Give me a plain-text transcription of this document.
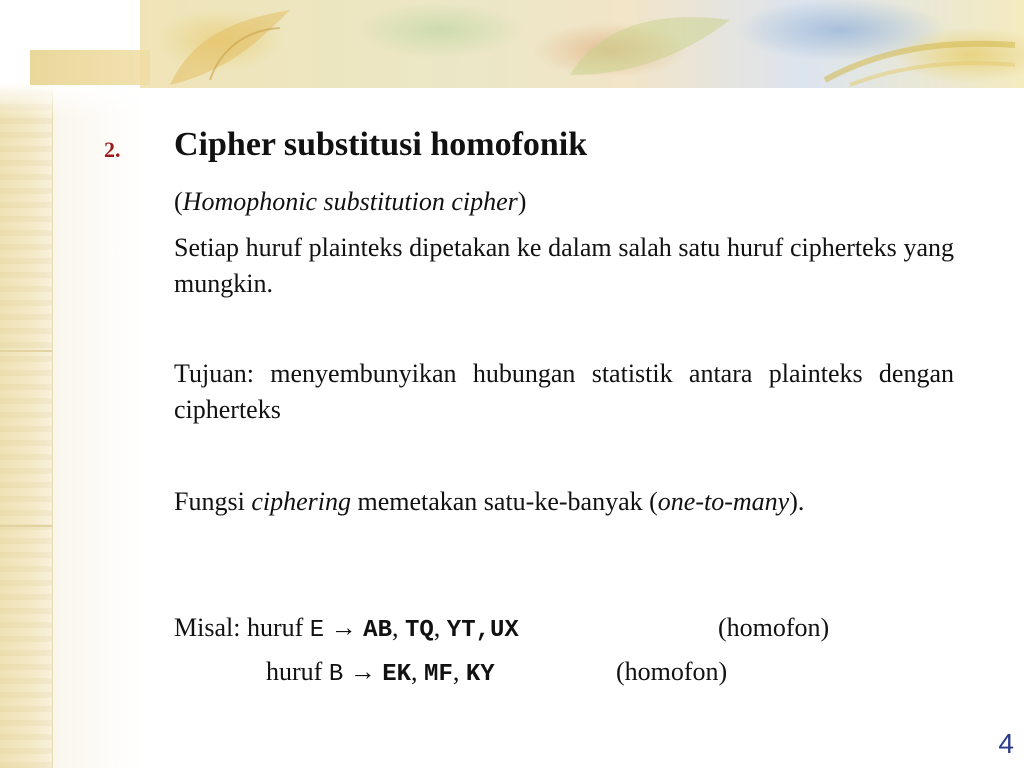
2. Cipher substitusi homofonik
(Homophonic substitution cipher)

Setiap huruf plainteks dipetakan ke dalam salah satu huruf cipherteks yang mungkin.

Tujuan: menyembunyikan hubungan statistik antara plainteks dengan cipherteks

Fungsi ciphering memetakan satu-ke-banyak (one-to-many).

Misal: huruf E → AB, TQ, YT,UX	(homofon)
huruf B → EK, MF, KY	(homofon)
4
